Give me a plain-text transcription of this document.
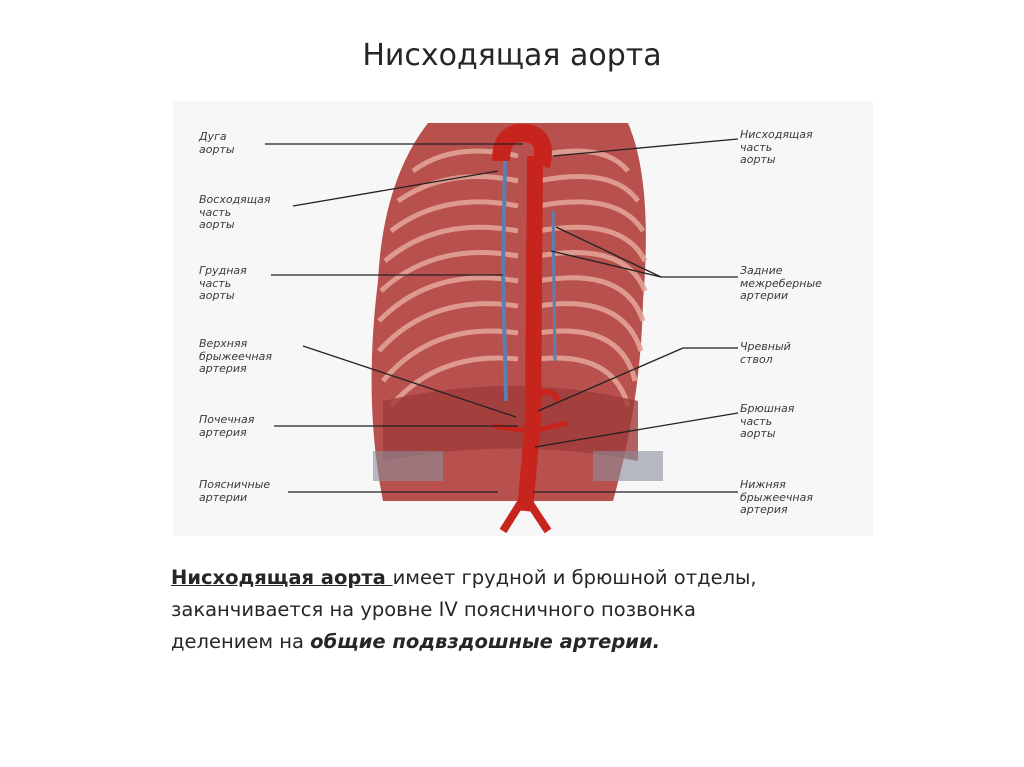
Нисходящая аорта
Дуга
аорты
Восходящая
часть
аорты
Грудная
часть
аорты
Верхняя
брыжеечная
артерия
Почечная
артерия
Поясничные
артерии
Нисходящая
часть
аорты
Задние
межреберные
артерии
Чревный
ствол
Брюшная
часть
аорты
Нижняя
брыжеечная
артерия
Нисходящая аорта имеет грудной и брюшной отделы,
заканчивается на уровне IV поясничного позвонка
делением на общие подвздошные артерии.
